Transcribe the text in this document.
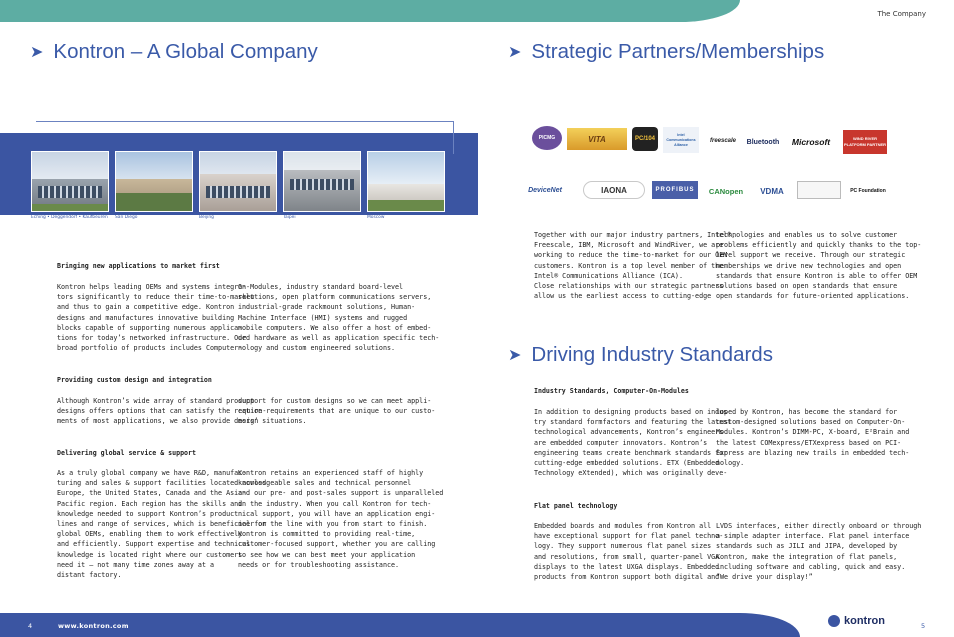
The Company
➤ Kontron – A Global Company
Eching • Deggendorf • Kaufbeuren San Diego	Beijing	Taipei	Moscow
Bringing new applications to market first
Kontron helps leading OEMs and systems integra-
tors significantly to reduce their time-to-market
and thus to gain a competitive edge. Kontron
designs and manufactures innovative building
blocks capable of supporting numerous applica-
tions for today’s networked infrastructure. Our
broad portfolio of products includes Computer-
On-Modules, industry standard board-level
solutions, open platform communications servers,
industrial-grade rackmount solutions, Human-
Machine Interface (HMI) systems and rugged
mobile computers. We also offer a host of embed-
ded hardware as well as application specific tech-
nology and custom engineered solutions.
Providing custom design and integration
Although Kontron’s wide array of standard product
designs offers options that can satisfy the require-
ments of most applications, we also provide design
support for custom designs so we can meet appli-
cation requirements that are unique to our custo-
mers’ situations.
Delivering global service & support
As a truly global company we have R&D, manufac-
turing and sales & support facilities located across
Europe, the United States, Canada and the Asia-
Pacific region. Each region has the skills and
knowledge needed to support Kontron’s product
lines and range of services, which is beneficial for
global OEMs, enabling them to work effectively
and efficiently. Support expertise and technical
knowledge is located right where our customers
need it – not many time zones away at a
distant factory.
Kontron retains an experienced staff of highly
knowledgeable sales and technical personnel
and our pre- and post-sales support is unparalleled
in the industry. When you call Kontron for tech-
nical support, you will have an application engi-
neer on the line with you from start to finish.
Kontron is committed to providing real-time,
customer-focused support, whether you are calling
to see how we can best meet your application
needs or for troubleshooting assistance.
➤ Strategic Partners/Memberships
PICMG	VITA	PC/104
Intel Communications Alliance
freescale	Bluetooth	Microsoft	WIND RIVER PLATFORM PARTNER
DeviceNet	IAONA	PROFIBUS	CANopen	VDMA	PC Foundation
Together with our major industry partners, Intel®,
Freescale, IBM, Microsoft and WindRiver, we are
working to reduce the time-to-market for our OEM
customers. Kontron is a top level member of the
Intel® Communications Alliance (ICA).
Close relationships with our strategic partners
allow us the earliest access to cutting-edge
technologies and enables us to solve customer
problems efficiently and quickly thanks to the top-
level support we receive. Through our strategic
memberships we drive new technologies and open
standards that ensure Kontron is able to offer OEM
solutions based on open standards that ensure
open standards for future-oriented applications.
➤ Driving Industry Standards
Industry Standards, Computer-On-Modules
In addition to designing products based on indus-
try standard formfactors and featuring the latest
technological advancements, Kontron’s engineers
are embedded computer innovators. Kontron’s
engineering teams create benchmark standards for
cutting-edge embedded solutions. ETX (Embedded
Technology eXtended), which was originally deve-
loped by Kontron, has become the standard for
custom-designed solutions based on Computer-On-
Modules. Kontron’s DIMM-PC, X-board, E²Brain and
the latest COMexpress/ETXexpress based on PCI-
Express are blazing new trails in embedded tech-
nology.
Flat panel technology
Embedded boards and modules from Kontron all
have exceptional support for flat panel techno-
logy. They support numerous flat panel sizes
and resolutions, from small, quarter-panel VGA
displays to the latest UXGA displays. Embedded
products from Kontron support both digital and
LVDS interfaces, either directly onboard or through
a simple adapter interface. Flat panel interface
standards such as JILI and JIPA, developed by
Kontron, make the integration of flat panels,
including software and cabling, quick and easy.
“We drive your display!”
4	www.kontron.com	kontron	5
